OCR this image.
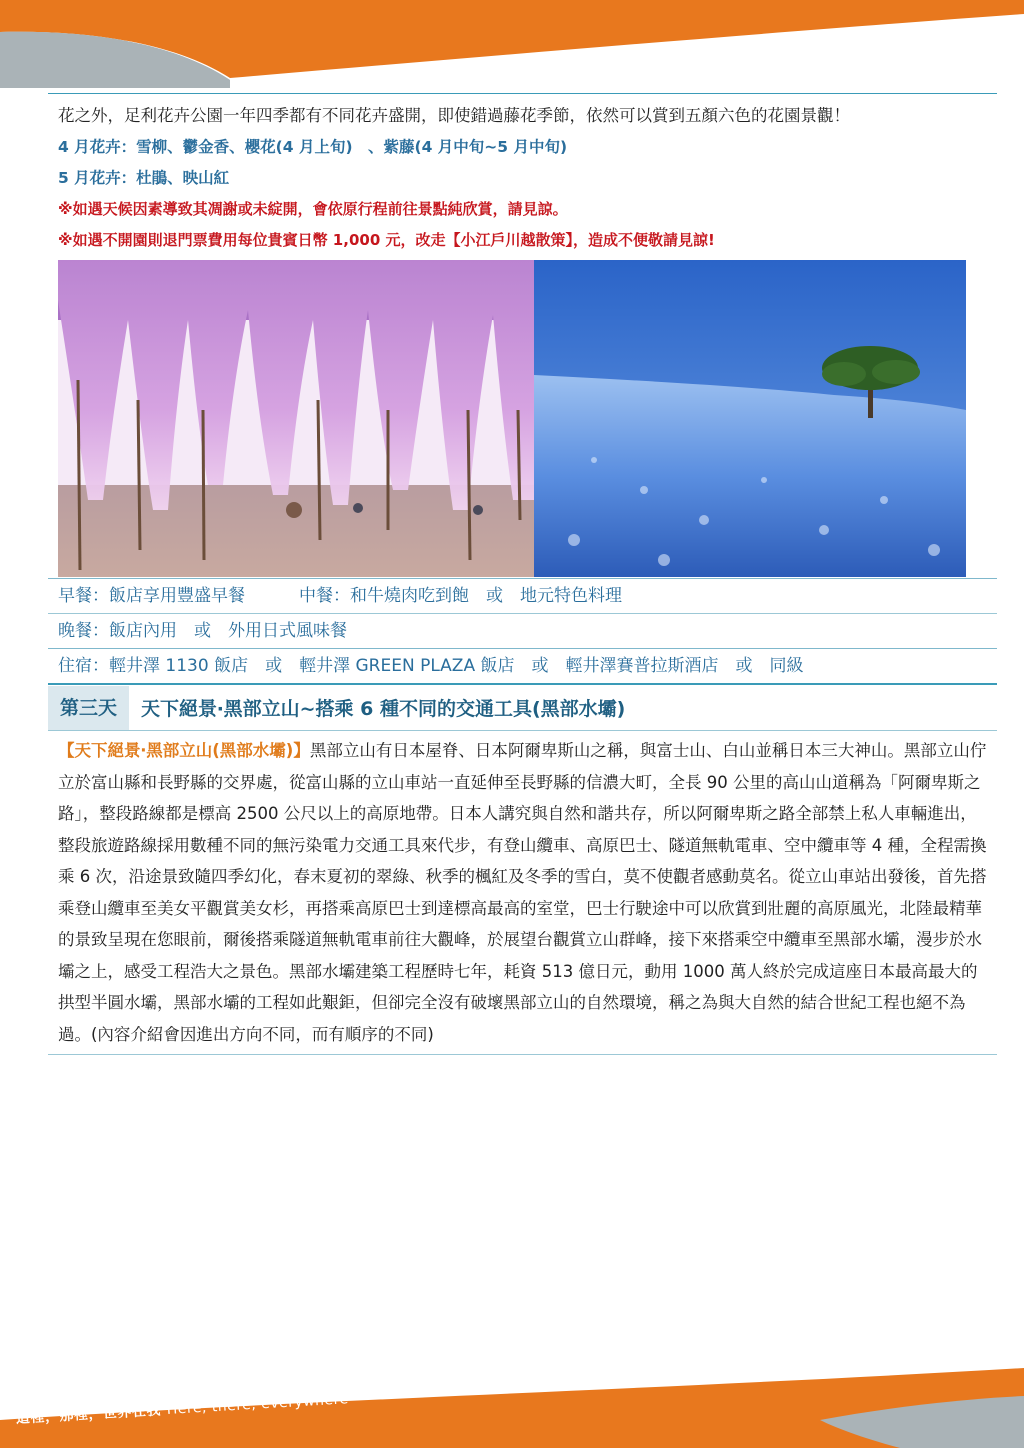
這裡，那裡，世界在我 Here, there, everywhere

花之外，足利花卉公園一年四季都有不同花卉盛開，即使錯過藤花季節，依然可以賞到五顏六色的花園景觀！

4 月花卉：雪柳、鬱金香、櫻花(4 月上旬)　、紫藤(4 月中旬~5 月中旬)
5 月花卉：杜鵑、映山紅
※如遇天候因素導致其凋謝或未綻開，會依原行程前往景點純欣賞，請見諒。
※如遇不開園則退門票費用每位貴賓日幣 1,000 元，改走【小江戶川越散策】，造成不便敬請見諒!
早餐：飯店享用豐盛早餐	中餐：和牛燒肉吃到飽　或　地元特色料理
晚餐：飯店內用　或　外用日式風味餐
住宿：輕井澤 1130 飯店　或　輕井澤 GREEN PLAZA 飯店　或　輕井澤賽普拉斯酒店　或　同級
第三天	天下絕景‧黑部立山~搭乘 6 種不同的交通工具(黑部水壩)

【天下絕景‧黑部立山(黑部水壩)】黑部立山有日本屋脊、日本阿爾卑斯山之稱，與富士山、白山並稱日本三大神山。黑部立山佇立於富山縣和長野縣的交界處，從富山縣的立山車站一直延伸至長野縣的信濃大町，全長 90 公里的高山山道稱為「阿爾卑斯之路」，整段路線都是標高 2500 公尺以上的高原地帶。日本人講究與自然和諧共存，所以阿爾卑斯之路全部禁上私人車輛進出，整段旅遊路線採用數種不同的無污染電力交通工具來代步，有登山纜車、高原巴士、隧道無軌電車、空中纜車等 4 種，全程需換乘 6 次，沿途景致隨四季幻化，春末夏初的翠綠、秋季的楓紅及冬季的雪白，莫不使觀者感動莫名。從立山車站出發後，首先搭乘登山纜車至美女平觀賞美女杉，再搭乘高原巴士到達標高最高的室堂，巴士行駛途中可以欣賞到壯麗的高原風光，北陸最精華的景致呈現在您眼前，爾後搭乘隧道無軌電車前往大觀峰，於展望台觀賞立山群峰，接下來搭乘空中纜車至黑部水壩，漫步於水壩之上，感受工程浩大之景色。黑部水壩建築工程歷時七年，耗資 513 億日元，動用 1000 萬人終於完成這座日本最高最大的拱型半圓水壩，黑部水壩的工程如此艱鉅，但卻完全沒有破壞黑部立山的自然環境，稱之為與大自然的結合世紀工程也絕不為過。(內容介紹會因進出方向不同，而有順序的不同)

這裡，那裡，世界在我 Here, there, everywhere
